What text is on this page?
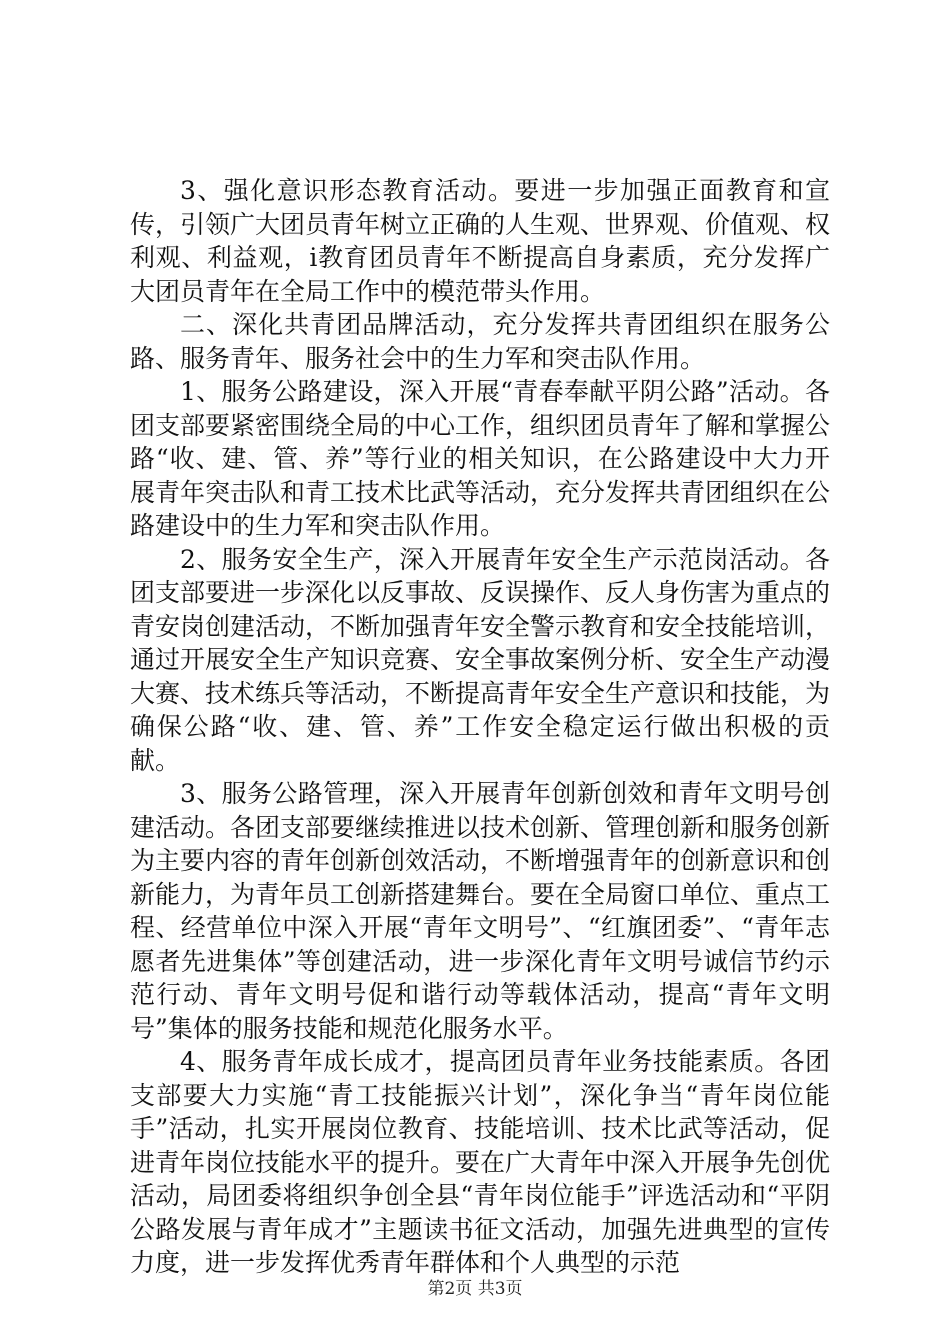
3、强化意识形态教育活动。要进一步加强正面教育和宣传，引领广大团员青年树立正确的人生观、世界观、价值观、权利观、利益观，i教育团员青年不断提高自身素质，充分发挥广大团员青年在全局工作中的模范带头作用。

二、深化共青团品牌活动，充分发挥共青团组织在服务公路、服务青年、服务社会中的生力军和突击队作用。

1、服务公路建设，深入开展“青春奉献平阴公路”活动。各团支部要紧密围绕全局的中心工作，组织团员青年了解和掌握公路“收、建、管、养”等行业的相关知识，在公路建设中大力开展青年突击队和青工技术比武等活动，充分发挥共青团组织在公路建设中的生力军和突击队作用。

2、服务安全生产，深入开展青年安全生产示范岗活动。各团支部要进一步深化以反事故、反误操作、反人身伤害为重点的青安岗创建活动，不断加强青年安全警示教育和安全技能培训，通过开展安全生产知识竞赛、安全事故案例分析、安全生产动漫大赛、技术练兵等活动，不断提高青年安全生产意识和技能，为确保公路“收、建、管、养”工作安全稳定运行做出积极的贡献。

3、服务公路管理，深入开展青年创新创效和青年文明号创建活动。各团支部要继续推进以技术创新、管理创新和服务创新为主要内容的青年创新创效活动，不断增强青年的创新意识和创新能力，为青年员工创新搭建舞台。要在全局窗口单位、重点工程、经营单位中深入开展“青年文明号”、“红旗团委”、“青年志愿者先进集体”等创建活动，进一步深化青年文明号诚信节约示范行动、青年文明号促和谐行动等载体活动，提高“青年文明号”集体的服务技能和规范化服务水平。

4、服务青年成长成才，提高团员青年业务技能素质。各团支部要大力实施“青工技能振兴计划”，深化争当“青年岗位能手”活动，扎实开展岗位教育、技能培训、技术比武等活动，促进青年岗位技能水平的提升。要在广大青年中深入开展争先创优活动，局团委将组织争创全县“青年岗位能手”评选活动和“平阴公路发展与青年成才”主题读书征文活动，加强先进典型的宣传力度，进一步发挥优秀青年群体和个人典型的示范

第2页 共3页
